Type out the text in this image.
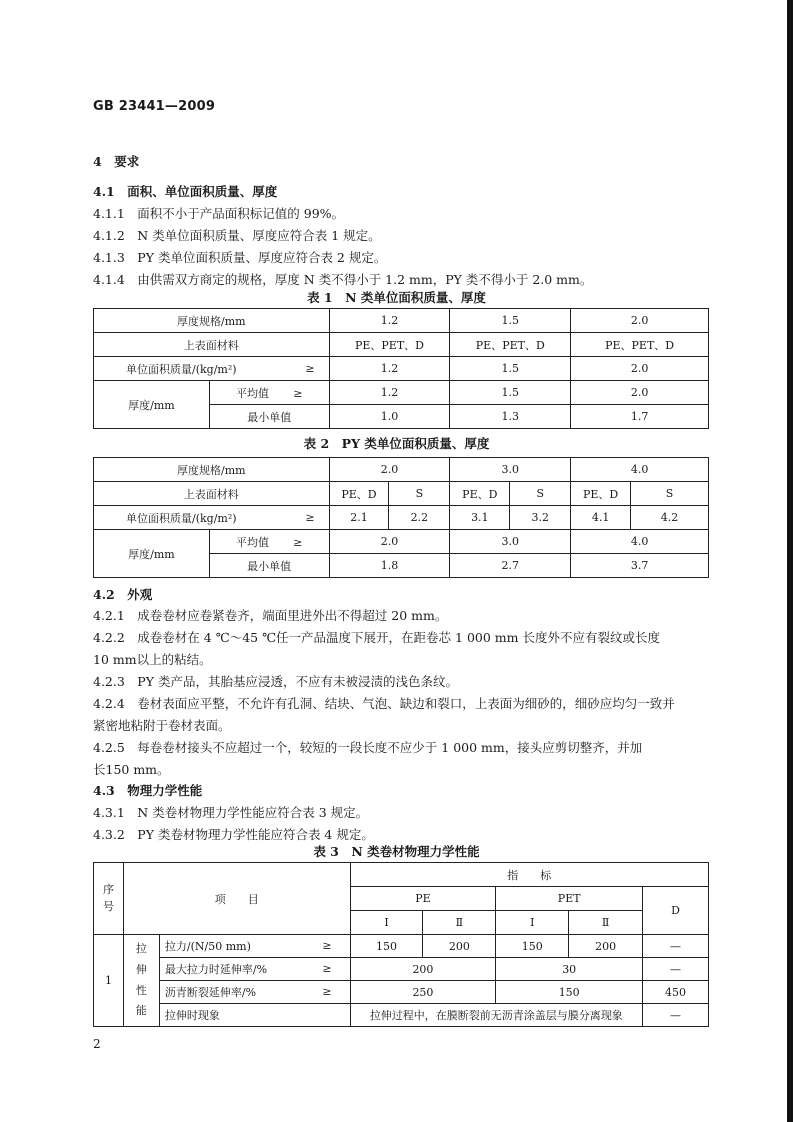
GB 23441—2009
4　要求
4.1　面积、单位面积质量、厚度
4.1.1　面积不小于产品面积标记值的 99%。
4.1.2　N 类单位面积质量、厚度应符合表 1 规定。
4.1.3　PY 类单位面积质量、厚度应符合表 2 规定。
4.1.4　由供需双方商定的规格，厚度 N 类不得小于 1.2 mm，PY 类不得小于 2.0 mm。
表 1　N 类单位面积质量、厚度
厚度规格/mm		1.2	1.5	2.0
上表面材料		PE、PET、D	PE、PET、D	PE、PET、D
单位面积质量/(kg/m²) ≥		1.2	1.5	2.0
厚度/mm	平均值 ≥	1.2	1.5	2.0
	最小单值	1.0	1.3	1.7
表 2　PY 类单位面积质量、厚度
厚度规格/mm		2.0		3.0		4.0	
上表面材料		PE、D	S	PE、D	S	PE、D	S
单位面积质量/(kg/m²) ≥		2.1	2.2	3.1	3.2	4.1	4.2
厚度/mm	平均值 ≥	2.0		3.0		4.0	
	最小单值	1.8		2.7		3.7	
4.2　外观
4.2.1　成卷卷材应卷紧卷齐，端面里进外出不得超过 20 mm。
4.2.2　成卷卷材在 4 ℃～45 ℃任一产品温度下展开，在距卷芯 1 000 mm 长度外不应有裂纹或长度
10 mm以上的粘结。
4.2.3　PY 类产品，其胎基应浸透，不应有未被浸渍的浅色条纹。
4.2.4　卷材表面应平整，不允许有孔洞、结块、气泡、缺边和裂口，上表面为细砂的，细砂应均匀一致并
紧密地粘附于卷材表面。
4.2.5　每卷卷材接头不应超过一个，较短的一段长度不应少于 1 000 mm，接头应剪切整齐，并加
长150 mm。
4.3　物理力学性能
4.3.1　N 类卷材物理力学性能应符合表 3 规定。
4.3.2　PY 类卷材物理力学性能应符合表 4 规定。
表 3　N 类卷材物理力学性能
序号	项　　目		指　　标				
			PE		PET		D
			Ⅰ	Ⅱ	Ⅰ	Ⅱ	
1	拉
伸
性
能	拉力/(N/50 mm) ≥	150	200	150	200	—
		最大拉力时延伸率/% ≥	200		30		—
		沥青断裂延伸率/% ≥	250		150		450
		拉伸时现象	拉伸过程中，在膜断裂前无沥青涂盖层与膜分离现象				—
2
